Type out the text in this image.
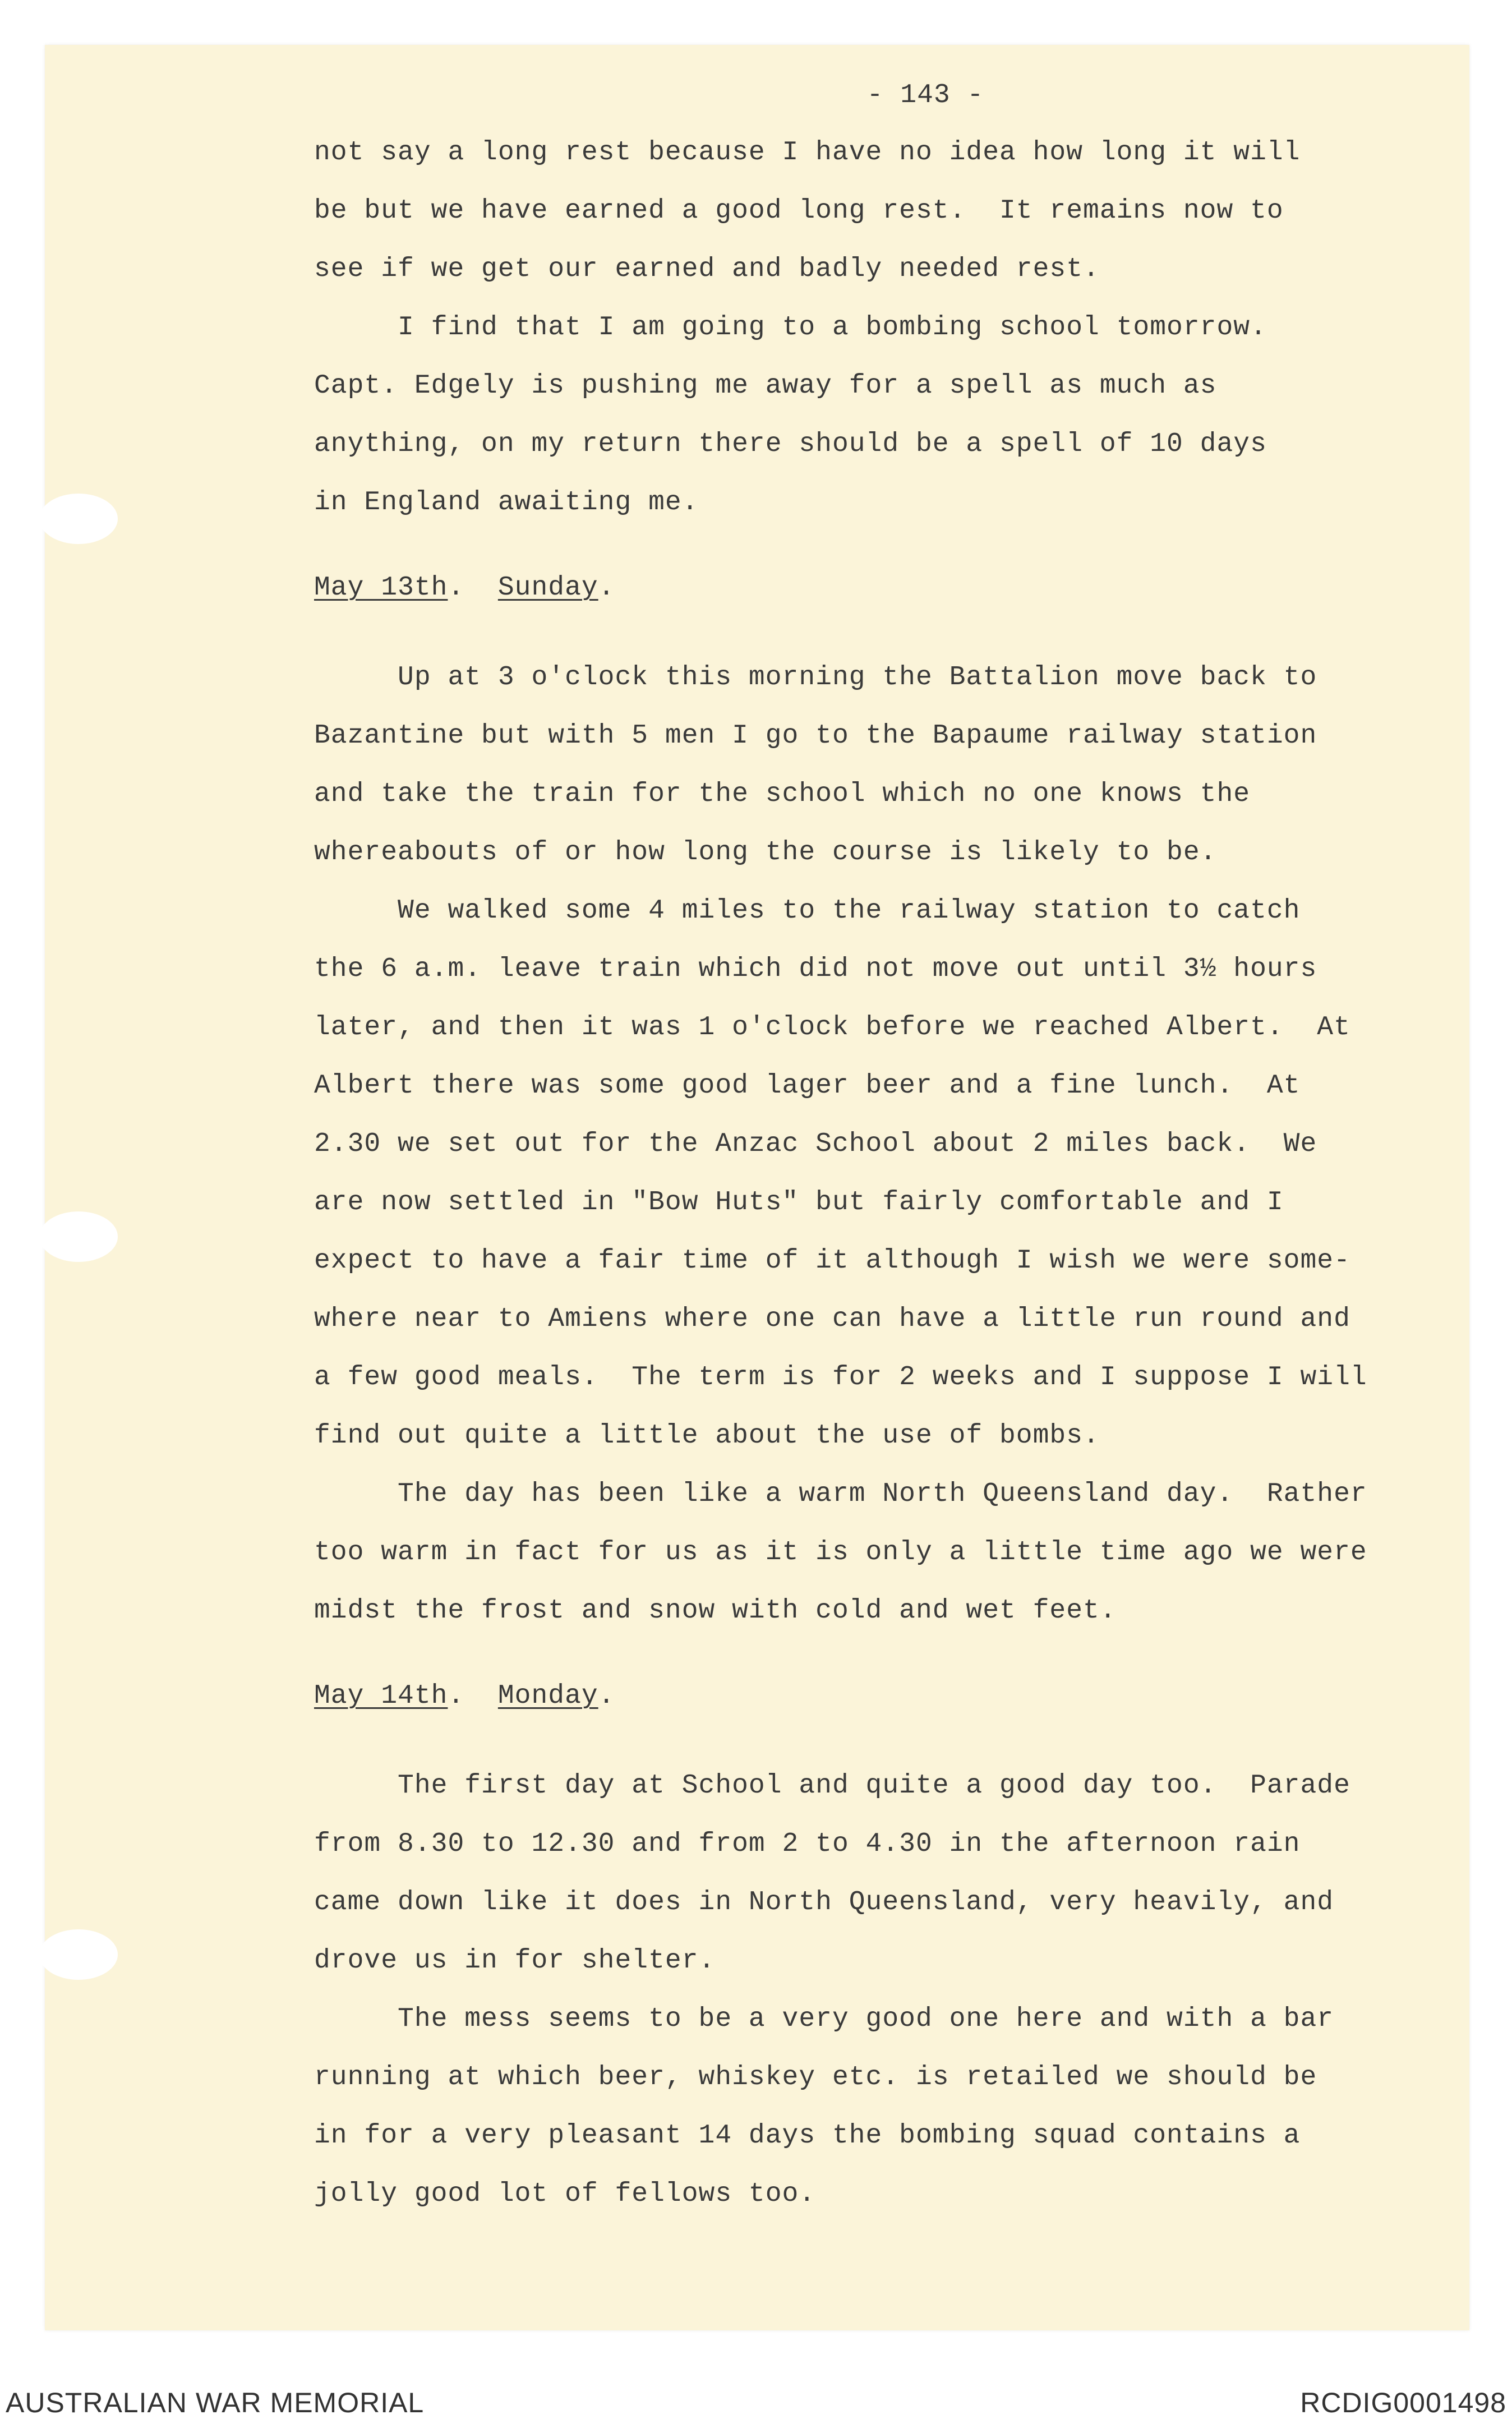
- 143 -
not say a long rest because I have no idea how long it will
be but we have earned a good long rest.  It remains now to
see if we get our earned and badly needed rest.
I find that I am going to a bombing school tomorrow.
Capt. Edgely is pushing me away for a spell as much as
anything, on my return there should be a spell of 10 days
in England awaiting me.
May 13th.  Sunday.
Up at 3 o'clock this morning the Battalion move back to
Bazantine but with 5 men I go to the Bapaume railway station
and take the train for the school which no one knows the
whereabouts of or how long the course is likely to be.
We walked some 4 miles to the railway station to catch
the 6 a.m. leave train which did not move out until 3½ hours
later, and then it was 1 o'clock before we reached Albert.  At
Albert there was some good lager beer and a fine lunch.  At
2.30 we set out for the Anzac School about 2 miles back.  We
are now settled in "Bow Huts" but fairly comfortable and I
expect to have a fair time of it although I wish we were some-
where near to Amiens where one can have a little run round and
a few good meals.  The term is for 2 weeks and I suppose I will
find out quite a little about the use of bombs.
The day has been like a warm North Queensland day.  Rather
too warm in fact for us as it is only a little time ago we were
midst the frost and snow with cold and wet feet.
May 14th.  Monday.
The first day at School and quite a good day too.  Parade
from 8.30 to 12.30 and from 2 to 4.30 in the afternoon rain
came down like it does in North Queensland, very heavily, and
drove us in for shelter.
The mess seems to be a very good one here and with a bar
running at which beer, whiskey etc. is retailed we should be
in for a very pleasant 14 days the bombing squad contains a
jolly good lot of fellows too.
AUSTRALIAN WAR MEMORIAL	RCDIG0001498
